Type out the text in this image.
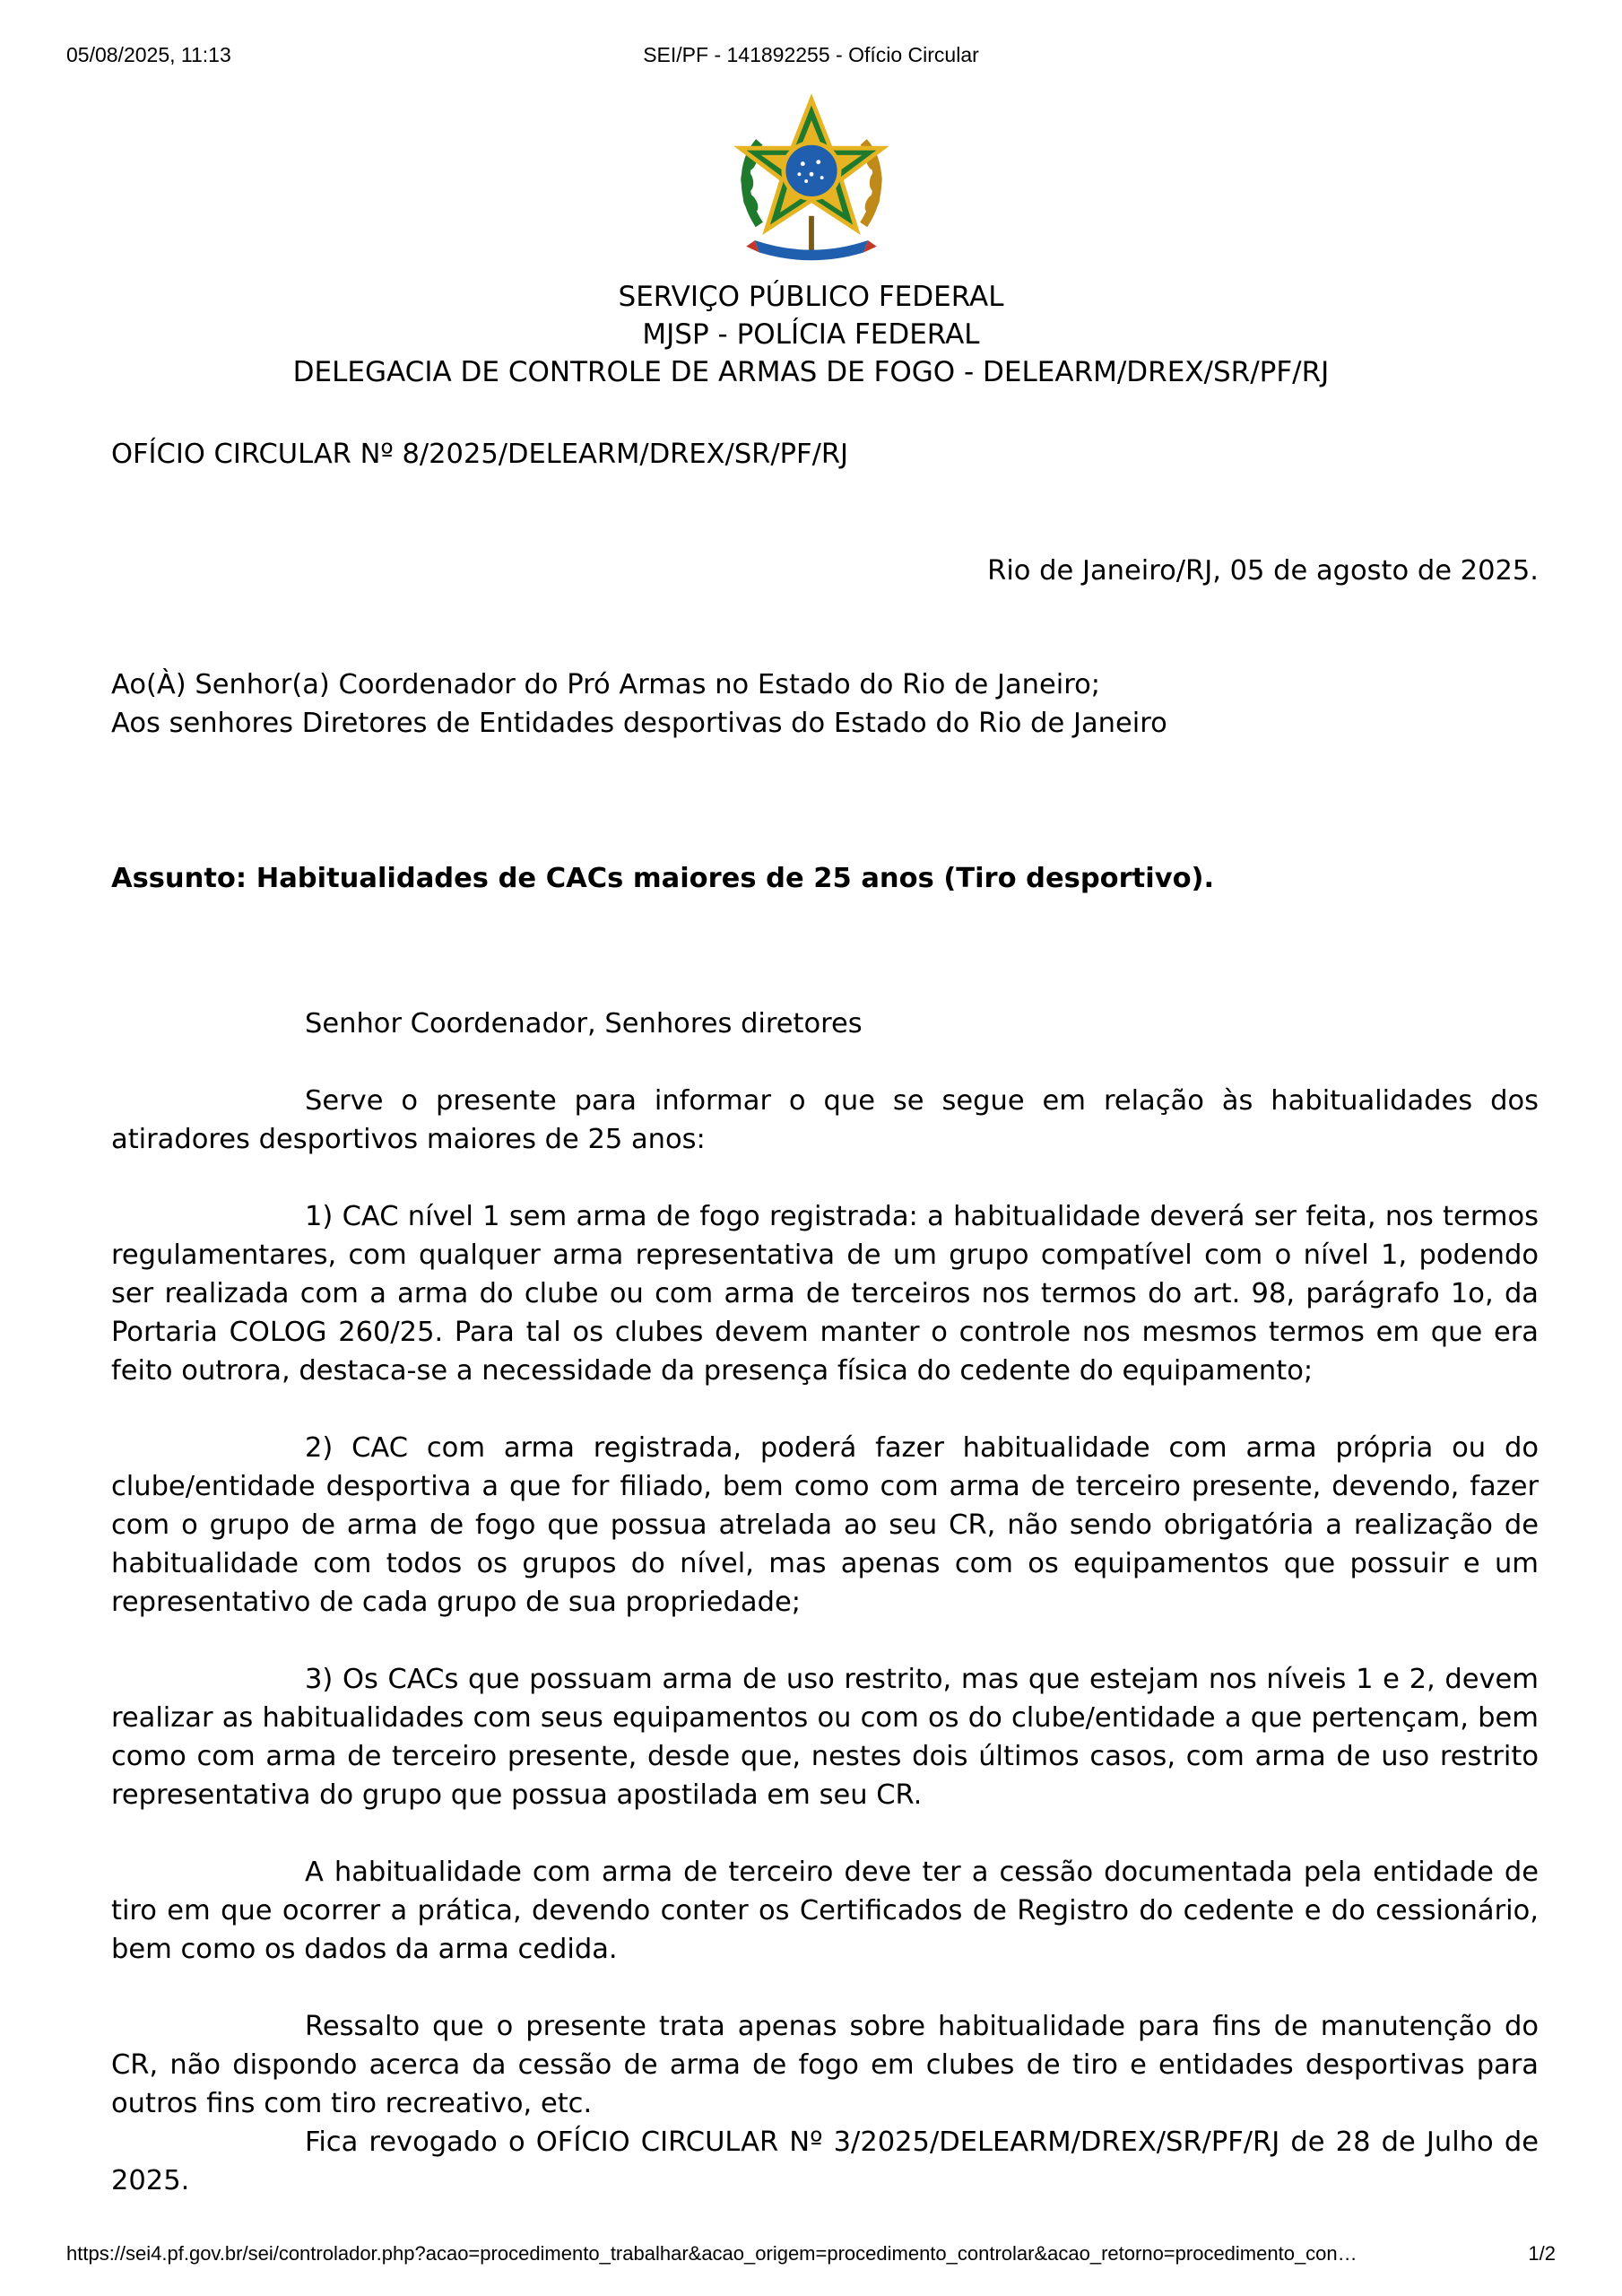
05/08/2025, 11:13	SEI/PF - 141892255 - Ofício Circular
SERVIÇO PÚBLICO FEDERAL
MJSP - POLÍCIA FEDERAL
DELEGACIA DE CONTROLE DE ARMAS DE FOGO - DELEARM/DREX/SR/PF/RJ
OFÍCIO CIRCULAR Nº 8/2025/DELEARM/DREX/SR/PF/RJ
Rio de Janeiro/RJ, 05 de agosto de 2025.
Ao(À) Senhor(a) Coordenador do Pró Armas no Estado do Rio de Janeiro;
Aos senhores Diretores de Entidades desportivas do Estado do Rio de Janeiro
Assunto: Habitualidades de CACs maiores de 25 anos (Tiro desportivo).

Senhor Coordenador, Senhores diretores

Serve o presente para informar o que se segue em relação às habitualidades dos atiradores desportivos maiores de 25 anos:

1) CAC nível 1 sem arma de fogo registrada: a habitualidade deverá ser feita, nos termos regulamentares, com qualquer arma representativa de um grupo compatível com o nível 1, podendo ser realizada com a arma do clube ou com arma de terceiros nos termos do art. 98, parágrafo 1o, da Portaria COLOG 260/25. Para tal os clubes devem manter o controle nos mesmos termos em que era feito outrora, destaca-se a necessidade da presença física do cedente do equipamento;

2) CAC com arma registrada, poderá fazer habitualidade com arma própria ou do clube/entidade desportiva a que for filiado, bem como com arma de terceiro presente, devendo, fazer com o grupo de arma de fogo que possua atrelada ao seu CR, não sendo obrigatória a realização de habitualidade com todos os grupos do nível, mas apenas com os equipamentos que possuir e um representativo de cada grupo de sua propriedade;

3) Os CACs que possuam arma de uso restrito, mas que estejam nos níveis 1 e 2, devem realizar as habitualidades com seus equipamentos ou com os do clube/entidade a que pertençam, bem como com arma de terceiro presente, desde que, nestes dois últimos casos, com arma de uso restrito representativa do grupo que possua apostilada em seu CR.

A habitualidade com arma de terceiro deve ter a cessão documentada pela entidade de tiro em que ocorrer a prática, devendo conter os Certificados de Registro do cedente e do cessionário, bem como os dados da arma cedida.

Ressalto que o presente trata apenas sobre habitualidade para fins de manutenção do CR, não dispondo acerca da cessão de arma de fogo em clubes de tiro e entidades desportivas para outros fins com tiro recreativo, etc.

Fica revogado o OFÍCIO CIRCULAR Nº 3/2025/DELEARM/DREX/SR/PF/RJ de 28 de Julho de 2025.

https://sei4.pf.gov.br/sei/controlador.php?acao=procedimento_trabalhar&acao_origem=procedimento_controlar&acao_retorno=procedimento_con…	1/2
